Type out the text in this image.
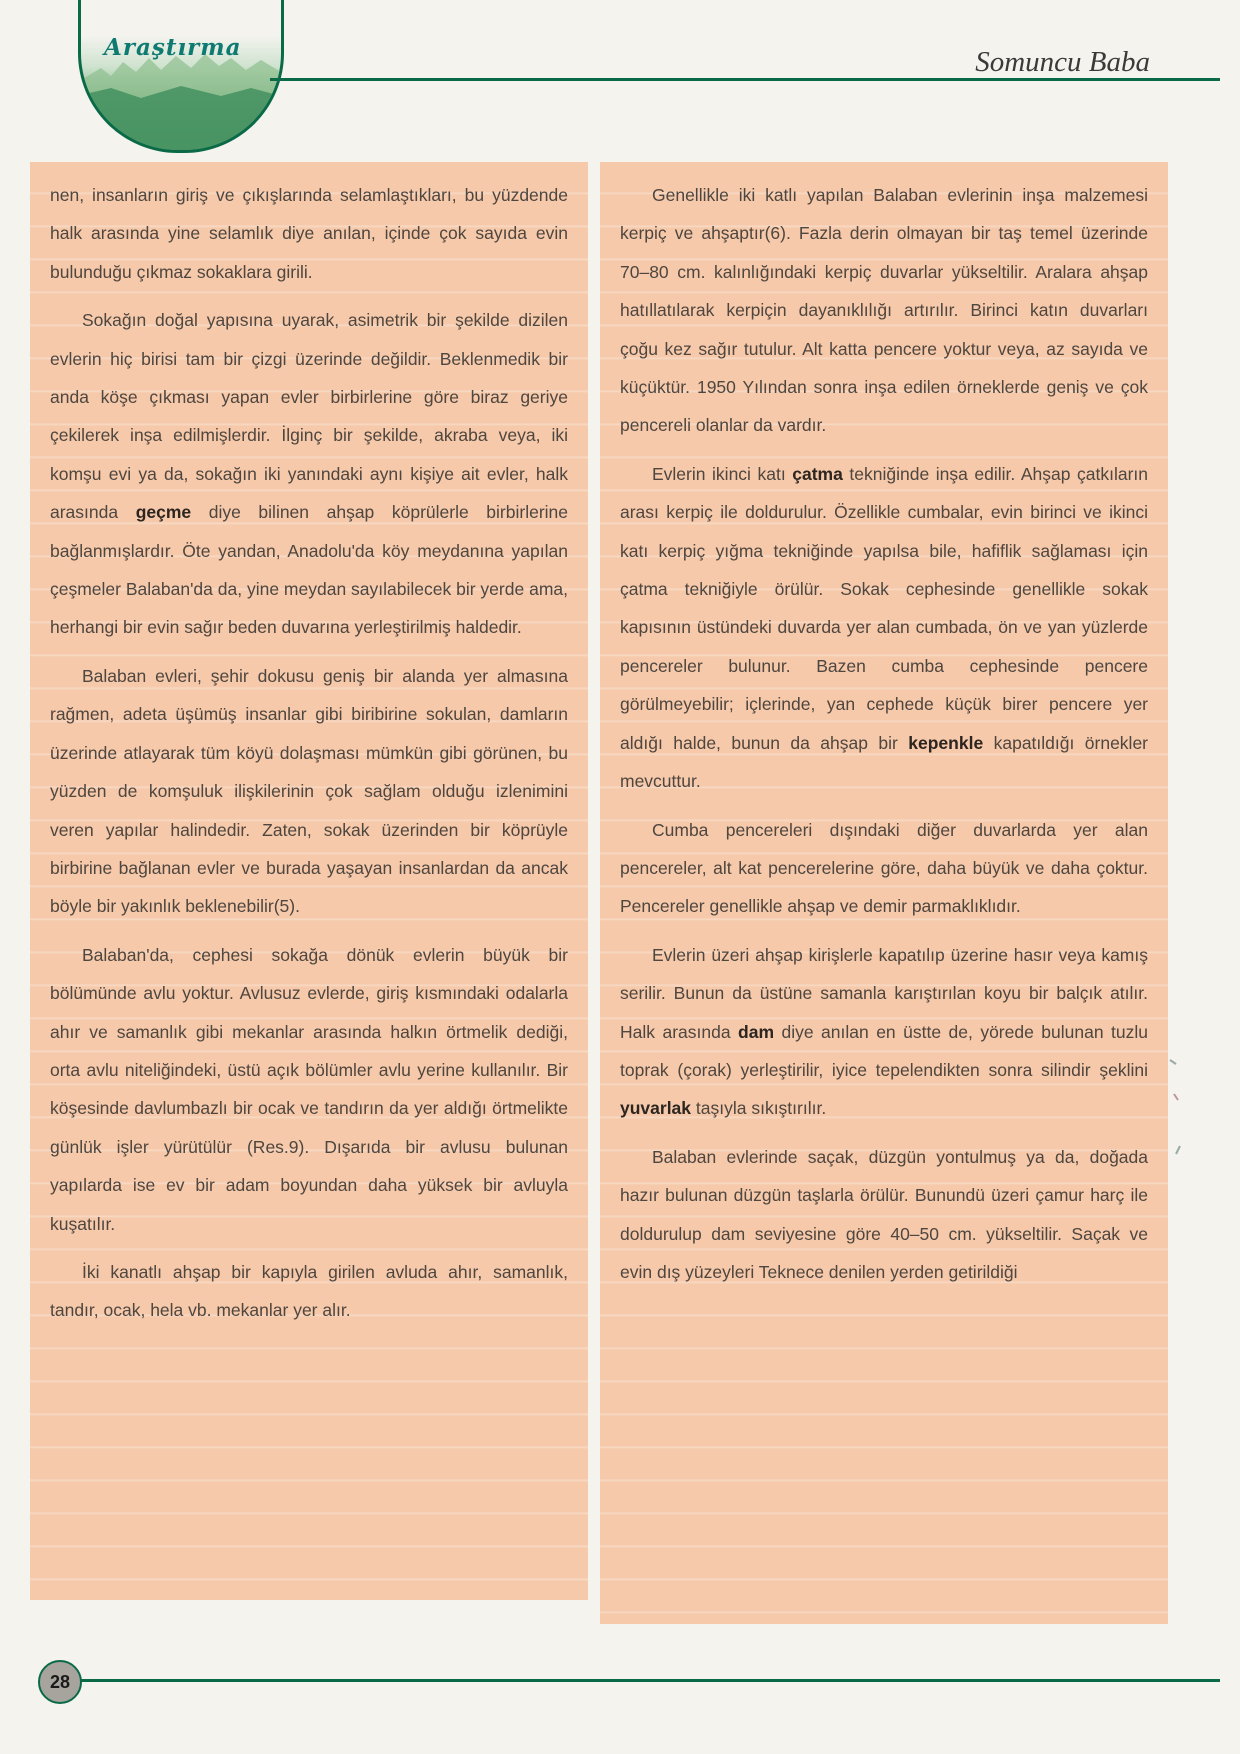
Araştırma	Somuncu Baba

nen, insanların giriş ve çıkışlarında selamlaştıkları, bu yüzdende halk arasında yine selamlık diye anılan, içinde çok sayıda evin bulunduğu çıkmaz sokaklara girili.

Sokağın doğal yapısına uyarak, asimetrik bir şekilde dizilen evlerin hiç birisi tam bir çizgi üzerinde değildir. Beklenmedik bir anda köşe çıkması yapan evler birbirlerine göre biraz geriye çekilerek inşa edilmişlerdir. İlginç bir şekilde, akraba veya, iki komşu evi ya da, sokağın iki yanındaki aynı kişiye ait evler, halk arasında geçme diye bilinen ahşap köprülerle birbirlerine bağlanmışlardır. Öte yandan, Anadolu'da köy meydanına yapılan çeşmeler Balaban'da da, yine meydan sayılabilecek bir yerde ama, herhangi bir evin sağır beden duvarına yerleştirilmiş haldedir.

Balaban evleri, şehir dokusu geniş bir alanda yer almasına rağmen, adeta üşümüş insanlar gibi biribirine sokulan, damların üzerinde atlayarak tüm köyü dolaşması mümkün gibi görünen, bu yüzden de komşuluk ilişkilerinin çok sağlam olduğu izlenimini veren yapılar halindedir. Zaten, sokak üzerinden bir köprüyle birbirine bağlanan evler ve burada yaşayan insanlardan da ancak böyle bir yakınlık beklenebilir(5).

Balaban'da, cephesi sokağa dönük evlerin büyük bir bölümünde avlu yoktur. Avlusuz evlerde, giriş kısmındaki odalarla ahır ve samanlık gibi mekanlar arasında halkın örtmelik dediği, orta avlu niteliğindeki, üstü açık bölümler avlu yerine kullanılır. Bir köşesinde davlumbazlı bir ocak ve tandırın da yer aldığı örtmelikte günlük işler yürütülür (Res.9). Dışarıda bir avlusu bulunan yapılarda ise ev bir adam boyundan daha yüksek bir avluyla kuşatılır.

İki kanatlı ahşap bir kapıyla girilen avluda ahır, samanlık, tandır, ocak, hela vb. mekanlar yer alır.

Genellikle iki katlı yapılan Balaban evlerinin inşa malzemesi kerpiç ve ahşaptır(6). Fazla derin olmayan bir taş temel üzerinde 70–80 cm. kalınlığındaki kerpiç duvarlar yükseltilir. Aralara ahşap hatıllatılarak kerpiçin dayanıklılığı artırılır. Birinci katın duvarları çoğu kez sağır tutulur. Alt katta pencere yoktur veya, az sayıda ve küçüktür. 1950 Yılından sonra inşa edilen örneklerde geniş ve çok pencereli olanlar da vardır.

Evlerin ikinci katı çatma tekniğinde inşa edilir. Ahşap çatkıların arası kerpiç ile doldurulur. Özellikle cumbalar, evin birinci ve ikinci katı kerpiç yığma tekniğinde yapılsa bile, hafiflik sağlaması için çatma tekniğiyle örülür. Sokak cephesinde genellikle sokak kapısının üstündeki duvarda yer alan cumbada, ön ve yan yüzlerde pencereler bulunur. Bazen cumba cephesinde pencere görülmeyebilir; içlerinde, yan cephede küçük birer pencere yer aldığı halde, bunun da ahşap bir kepenkle kapatıldığı örnekler mevcuttur.

Cumba pencereleri dışındaki diğer duvarlarda yer alan pencereler, alt kat pencerelerine göre, daha büyük ve daha çoktur. Pencereler genellikle ahşap ve demir parmaklıklıdır.

Evlerin üzeri ahşap kirişlerle kapatılıp üzerine hasır veya kamış serilir. Bunun da üstüne samanla karıştırılan koyu bir balçık atılır. Halk arasında dam diye anılan en üstte de, yörede bulunan tuzlu toprak (çorak) yerleştirilir, iyice tepelendikten sonra silindir şeklini yuvarlak taşıyla sıkıştırılır.

Balaban evlerinde saçak, düzgün yontulmuş ya da, doğada hazır bulunan düzgün taşlarla örülür. Bunundü üzeri çamur harç ile doldurulup dam seviyesine göre 40–50 cm. yükseltilir. Saçak ve evin dış yüzeyleri Teknece denilen yerden getirildiği

28
